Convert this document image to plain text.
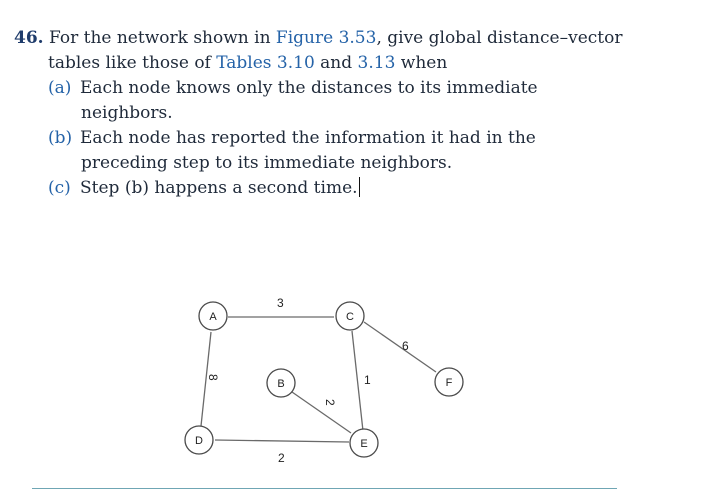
46. For the network shown in Figure 3.53, give global distance–vector
tables like those of Tables 3.10 and 3.13 when
(a) Each node knows only the distances to its immediate
neighbors.
(b) Each node has reported the information it had in the
preceding step to its immediate neighbors.
(c) Step (b) happens a second time.
3
8
6
1
2
2
A	C
B	F
D	E
